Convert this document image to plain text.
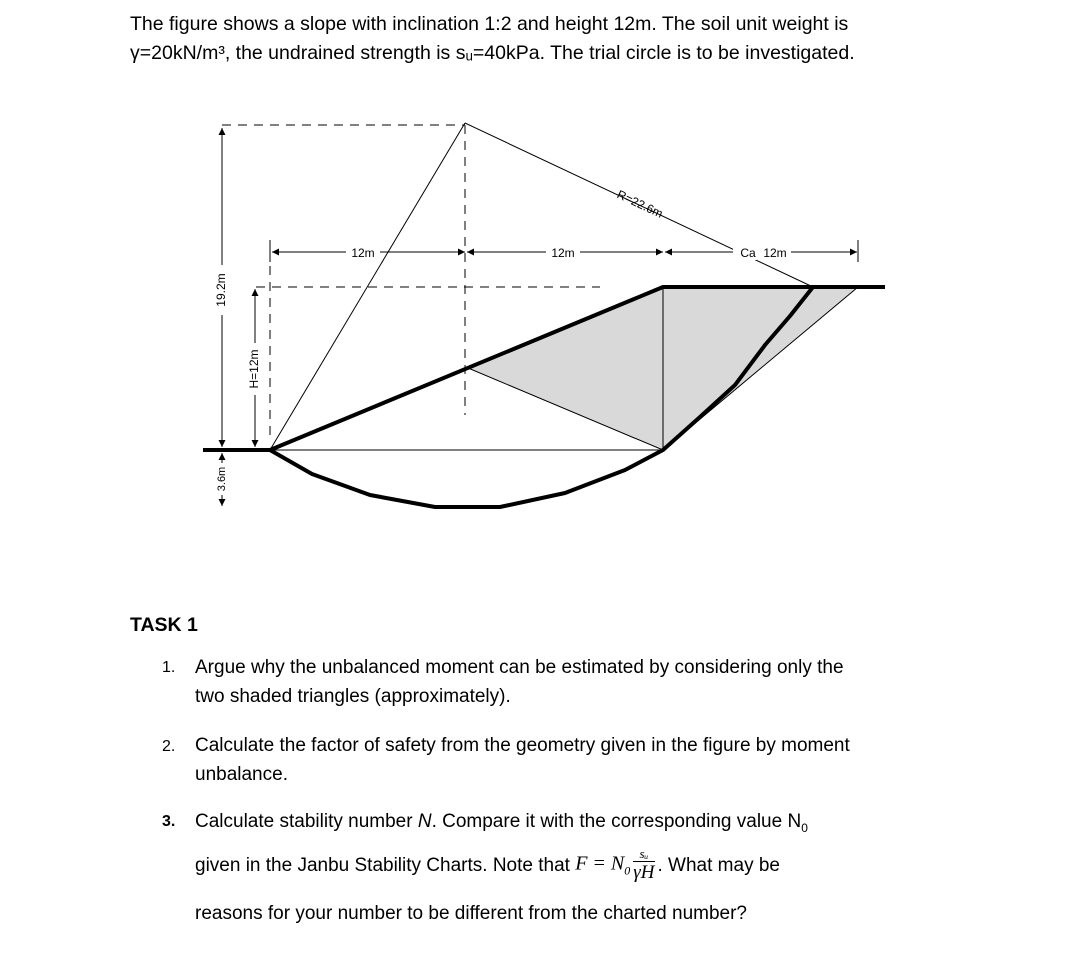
The figure shows a slope with inclination 1:2 and height 12m. The soil unit weight is
γ=20kN/m³, the undrained strength is sᵤ=40kPa. The trial circle is to be investigated.
12m	12m	Ca 12m
R=22.6m
19.2m
H=12m
3.6m
TASK 1
1. Argue why the unbalanced moment can be estimated by considering only the
two shaded triangles (approximately).
2. Calculate the factor of safety from the geometry given in the figure by moment
unbalance.
3. Calculate stability number N. Compare it with the corresponding value $N_0$
given in the Janbu Stability Charts. Note that $F = N_0 \frac{\text{sᵤ}}{\gamma H}$ . What may be
reasons for your number to be different from the charted number?
